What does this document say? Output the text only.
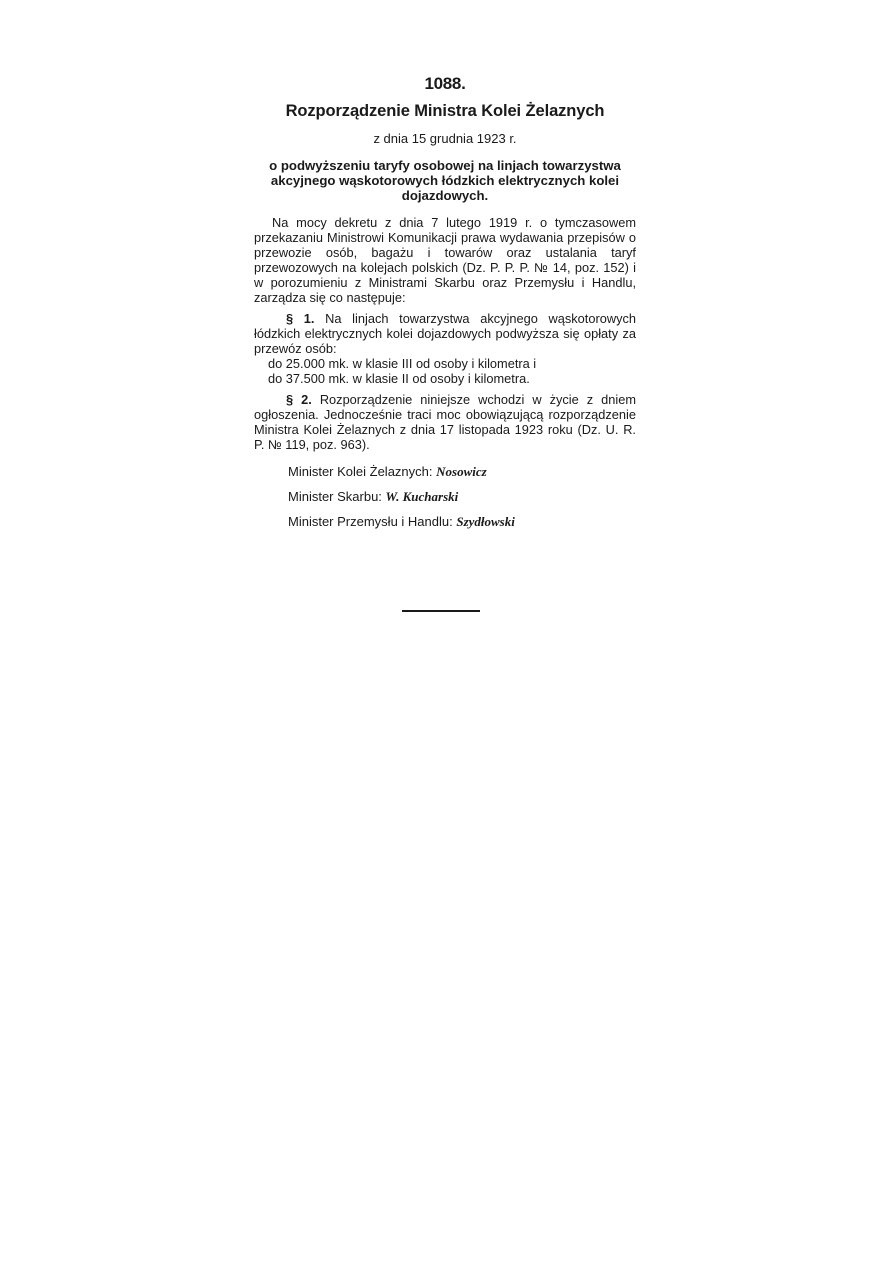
1088.
Rozporządzenie Ministra Kolei Żelaznych
z dnia 15 grudnia 1923 r.
o podwyższeniu taryfy osobowej na linjach towarzystwa akcyjnego wąskotorowych łódzkich elektrycznych kolei dojazdowych.

Na mocy dekretu z dnia 7 lutego 1919 r. o tymczasowem przekazaniu Ministrowi Komunikacji prawa wydawania przepisów o przewozie osób, bagażu i towarów oraz ustalania taryf przewozowych na kolejach polskich (Dz. P. P. P. № 14, poz. 152) i w porozumieniu z Ministrami Skarbu oraz Przemysłu i Handlu, zarządza się co następuje:

§ 1. Na linjach towarzystwa akcyjnego wąskotorowych łódzkich elektrycznych kolei dojazdowych podwyższa się opłaty za przewóz osób:

do 25.000 mk. w klasie III od osoby i kilometra i

do 37.500 mk. w klasie II od osoby i kilometra.

§ 2. Rozporządzenie niniejsze wchodzi w życie z dniem ogłoszenia. Jednocześnie traci moc obowiązującą rozporządzenie Ministra Kolei Żelaznych z dnia 17 listopada 1923 roku (Dz. U. R. P. № 119, poz. 963).

Minister Kolei Żelaznych: Nosowicz
Minister Skarbu: W. Kucharski
Minister Przemysłu i Handlu: Szydłowski
